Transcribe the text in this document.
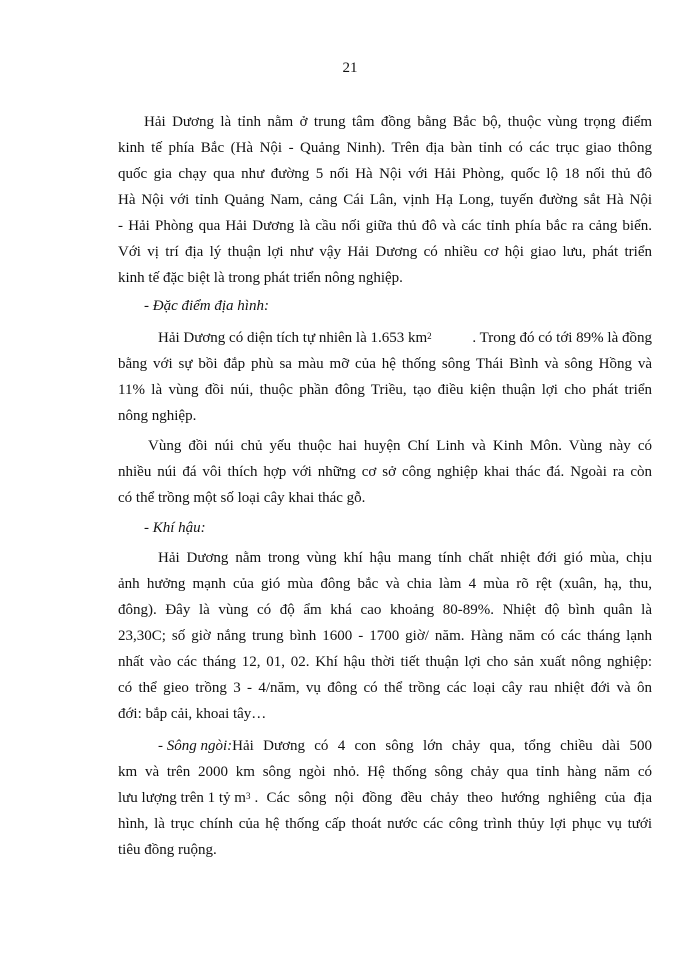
21
Hải Dương là tỉnh nằm ở trung tâm đồng bằng Bắc bộ, thuộc vùng trọng điểm
kinh tế phía Bắc (Hà Nội - Quảng Ninh). Trên địa bàn tỉnh có các trục giao thông
quốc gia chạy qua như đường 5 nối Hà Nội với Hải Phòng, quốc lộ 18 nối thủ đô
Hà Nội với tỉnh Quảng Nam, cảng Cái Lân, vịnh Hạ Long, tuyến đường sắt Hà Nội
- Hải Phòng qua Hải Dương là cầu nối giữa thủ đô và các tỉnh phía bắc ra cảng biển.
Với vị trí địa lý thuận lợi như vậy Hải Dương có nhiều cơ hội giao lưu, phát triển
kinh tế đặc biệt là trong phát triển nông nghiệp.
- Đặc điểm địa hình:
Hải Dương có diện tích tự nhiên là 1.653 $km^2$	. Trong đó có tới 89% là đồng
bằng với sự bồi đắp phù sa màu mỡ của hệ thống sông Thái Bình và sông Hồng và
11% là vùng đồi núi, thuộc phần đông Triều, tạo điều kiện thuận lợi cho phát triển
nông nghiệp.
Vùng đồi núi chủ yếu thuộc hai huyện Chí Linh và Kinh Môn. Vùng này có
nhiều núi đá vôi thích hợp với những cơ sở công nghiệp khai thác đá. Ngoài ra còn
có thể trồng một số loại cây khai thác gỗ.
- Khí hậu:
Hải Dương nằm trong vùng khí hậu mang tính chất nhiệt đới gió mùa, chịu
ảnh hưởng mạnh của gió mùa đông bắc và chia làm 4 mùa rõ rệt (xuân, hạ, thu,
đông). Đây là vùng có độ ẩm khá cao khoảng 80-89%. Nhiệt độ bình quân là
23,30C; số giờ nắng trung bình 1600 - 1700 giờ/ năm. Hàng năm có các tháng lạnh
nhất vào các tháng 12, 01, 02. Khí hậu thời tiết thuận lợi cho sản xuất nông nghiệp:
có thể gieo trồng 3 - 4/năm, vụ đông có thể trồng các loại cây rau nhiệt đới và ôn
đới: bắp cải, khoai tây…
- Sông ngòi: Hải Dương có 4 con sông lớn chảy qua, tổng chiều dài 500
km và trên 2000 km sông ngòi nhỏ. Hệ thống sông chảy qua tỉnh hàng năm có
lưu lượng trên 1 tỷ $m^3$ . Các sông nội đồng đều chảy theo hướng nghiêng của địa
hình, là trục chính của hệ thống cấp thoát nước các công trình thủy lợi phục vụ tưới
tiêu đồng ruộng.
